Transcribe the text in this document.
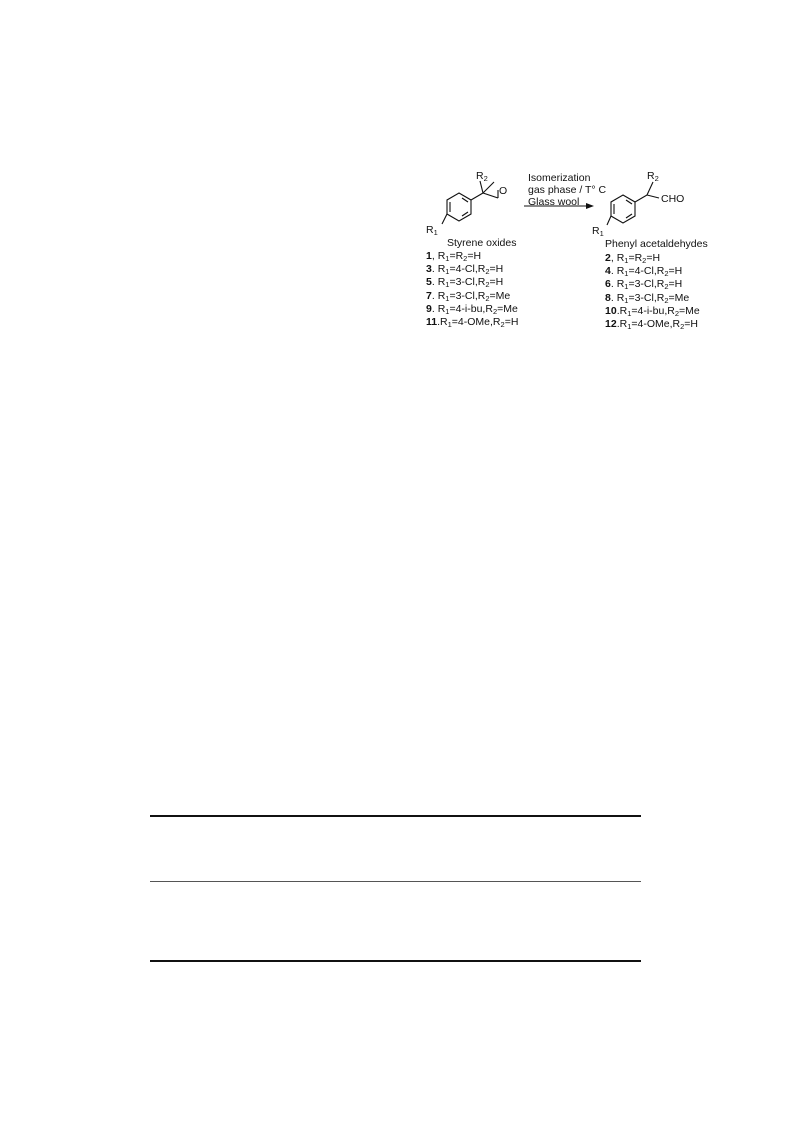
$R_2$
O
$R_1$
Isomerization
gas phase / T° C
Glass wool
$R_2$
CHO
$R_1$
Styrene oxides	Phenyl acetaldehydes
1, $R_1=R_2=H$
3. $R_1=4-Cl,R_2=H$
5. $R_1=3-Cl,R_2=H$
7. $R_1=3-Cl,R_2=Me$
9. $R_1=4-i-bu,R_2=Me$
$11.R_1=4-OMe,R_2=H$
2, $R_1=R_2=H$
4. $R_1=4-Cl,R_2=H$
6. $R_1=3-Cl,R_2=H$
8. $R_1=3-Cl,R_2=Me$
$10.R_1=4-i-bu,R_2=Me$
$12.R_1=4-OMe,R_2=H$
